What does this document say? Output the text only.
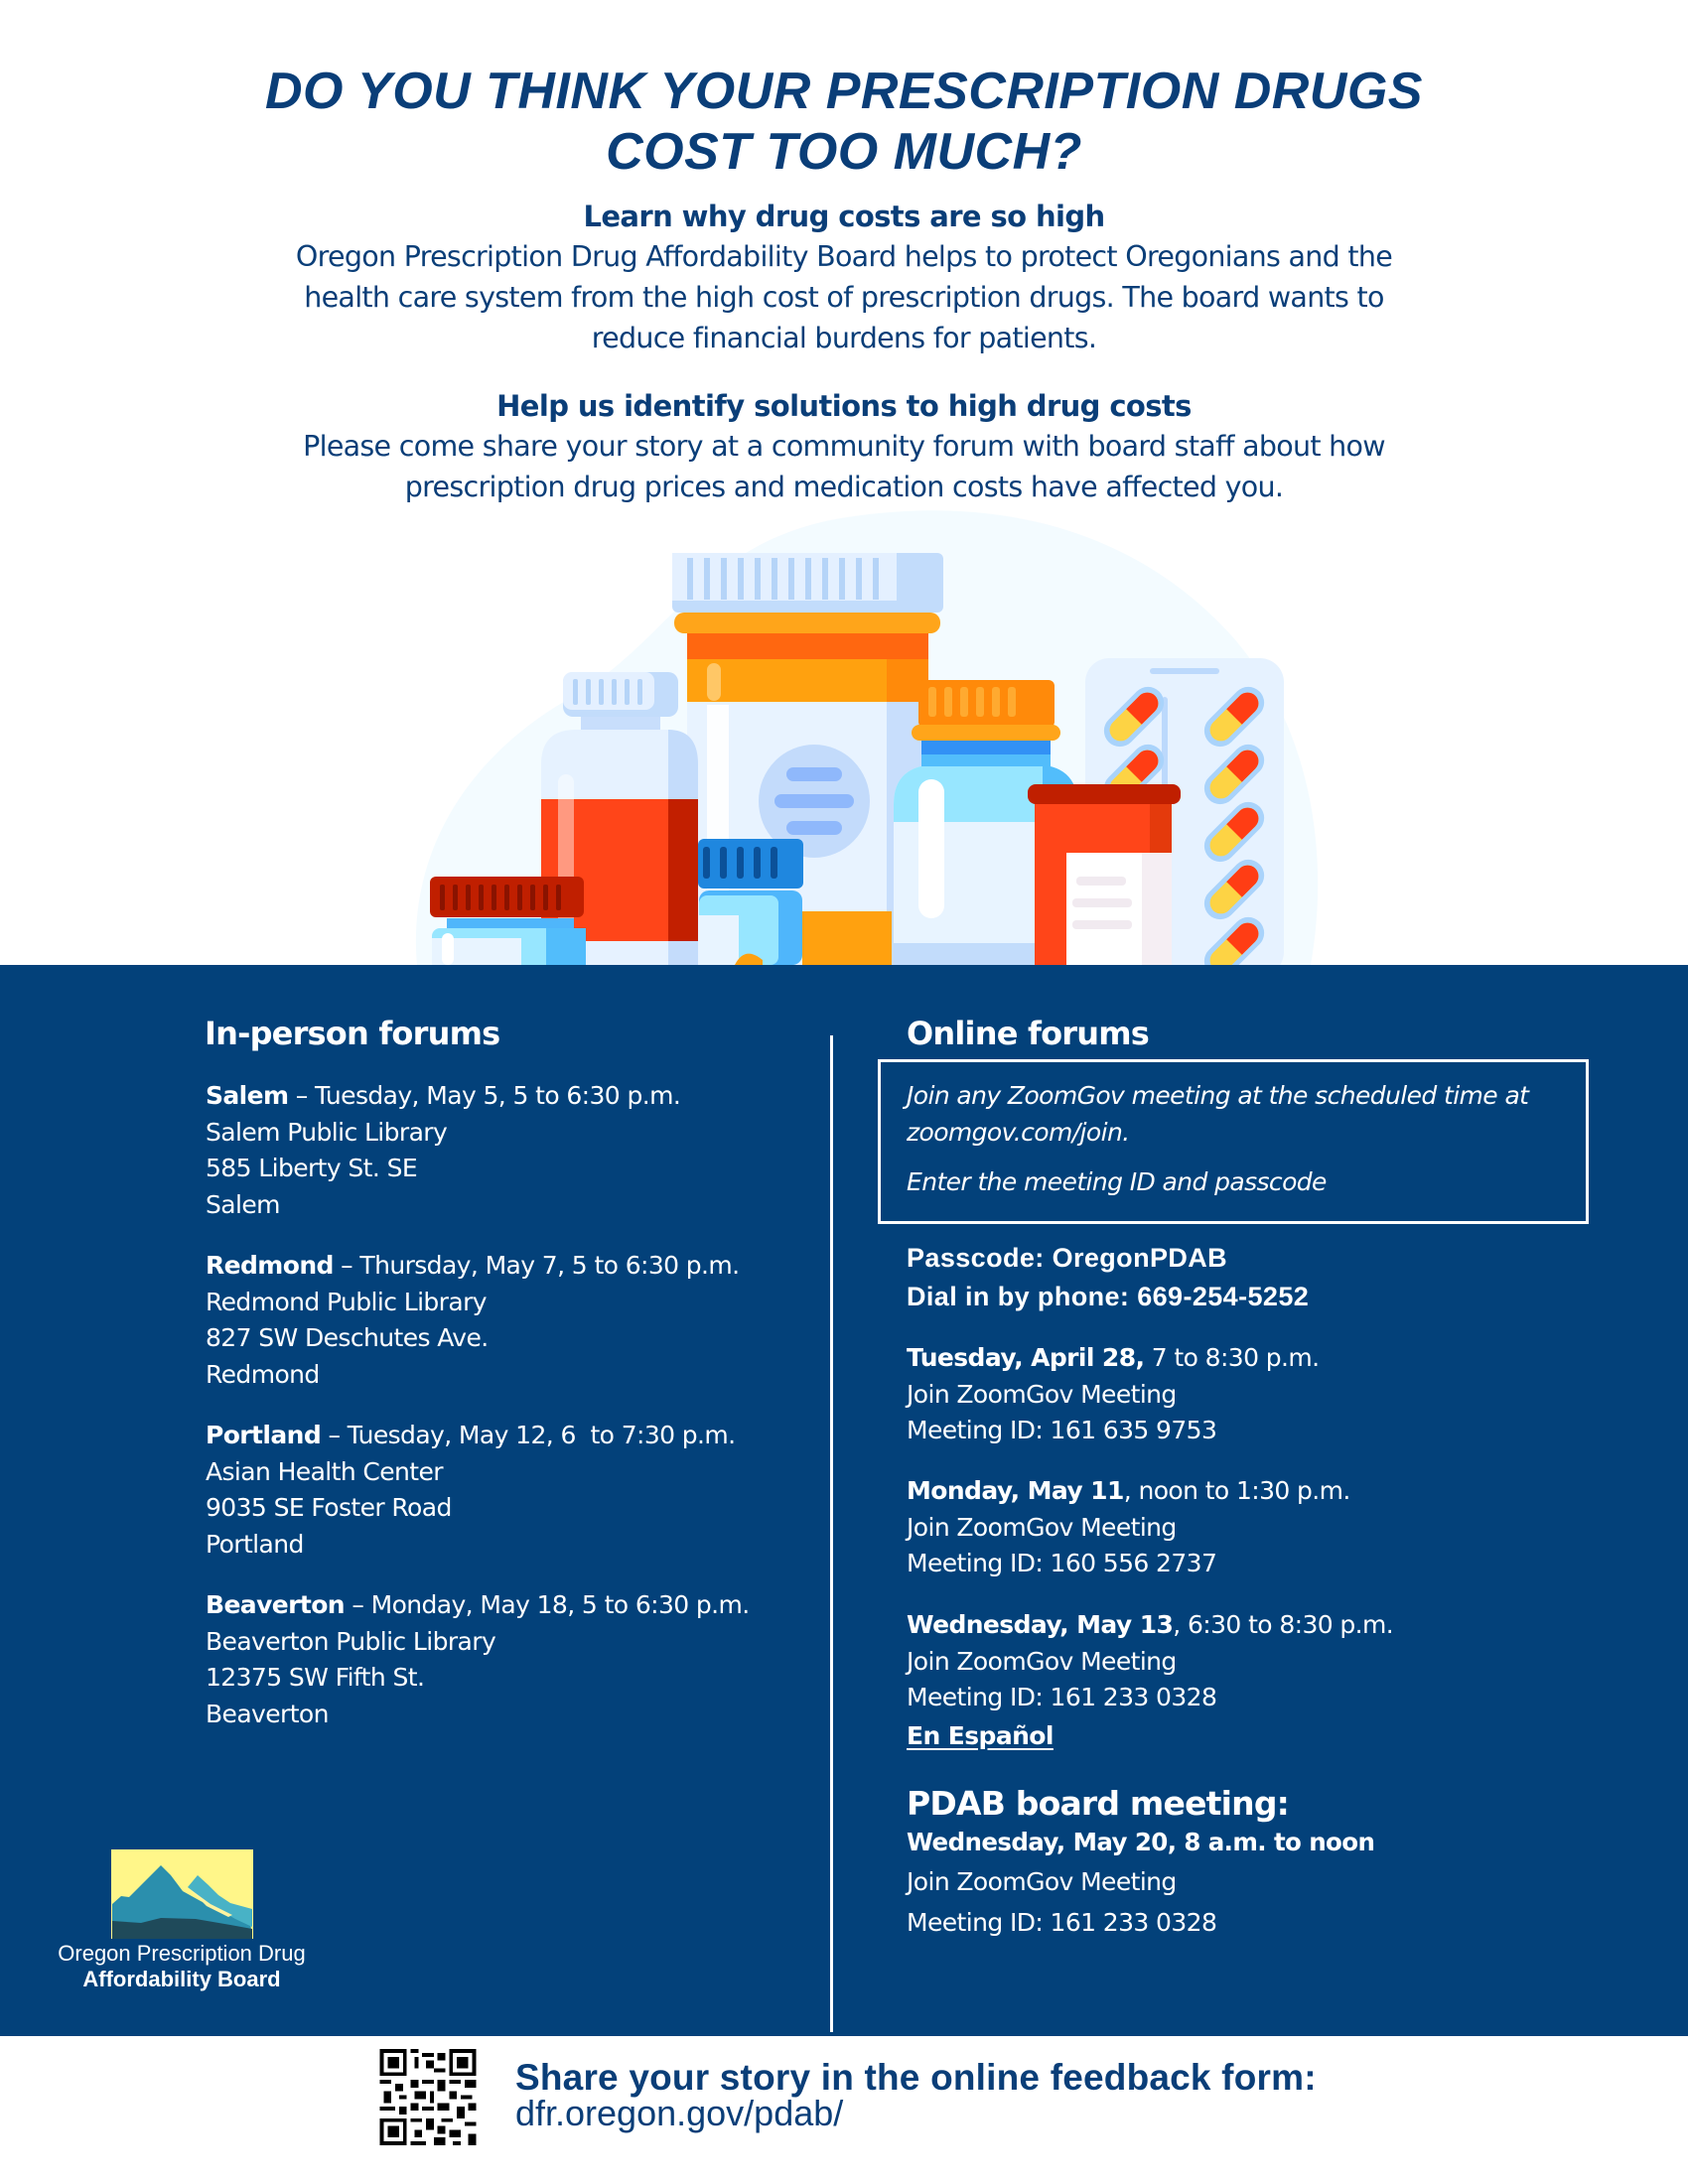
DO YOU THINK YOUR PRESCRIPTION DRUGS
COST TOO MUCH?
Learn why drug costs are so high
Oregon Prescription Drug Affordability Board helps to protect Oregonians and the
health care system from the high cost of prescription drugs. The board wants to
reduce financial burdens for patients.
Help us identify solutions to high drug costs
Please come share your story at a community forum with board staff about how
prescription drug prices and medication costs have affected you.
In-person forums
Salem – Tuesday, May 5, 5 to 6:30 p.m.
Salem Public Library
585 Liberty St. SE
Salem
Redmond – Thursday, May 7, 5 to 6:30 p.m.
Redmond Public Library
827 SW Deschutes Ave.
Redmond
Portland – Tuesday, May 12, 6  to 7:30 p.m.
Asian Health Center
9035 SE Foster Road
Portland
Beaverton – Monday, May 18, 5 to 6:30 p.m.
Beaverton Public Library
12375 SW Fifth St.
Beaverton
Oregon Prescription Drug
Affordability Board
Online forums
Join any ZoomGov meeting at the scheduled time at
zoomgov.com/join.
Enter the meeting ID and passcode
Passcode: OregonPDAB
Dial in by phone: 669-254-5252
Tuesday, April 28, 7 to 8:30 p.m.
Join ZoomGov Meeting
Meeting ID: 161 635 9753
Monday, May 11, noon to 1:30 p.m.
Join ZoomGov Meeting
Meeting ID: 160 556 2737
Wednesday, May 13, 6:30 to 8:30 p.m.
Join ZoomGov Meeting
Meeting ID: 161 233 0328
En Español
PDAB board meeting:
Wednesday, May 20, 8 a.m. to noon
Join ZoomGov Meeting
Meeting ID: 161 233 0328
Share your story in the online feedback form:
dfr.oregon.gov/pdab/
